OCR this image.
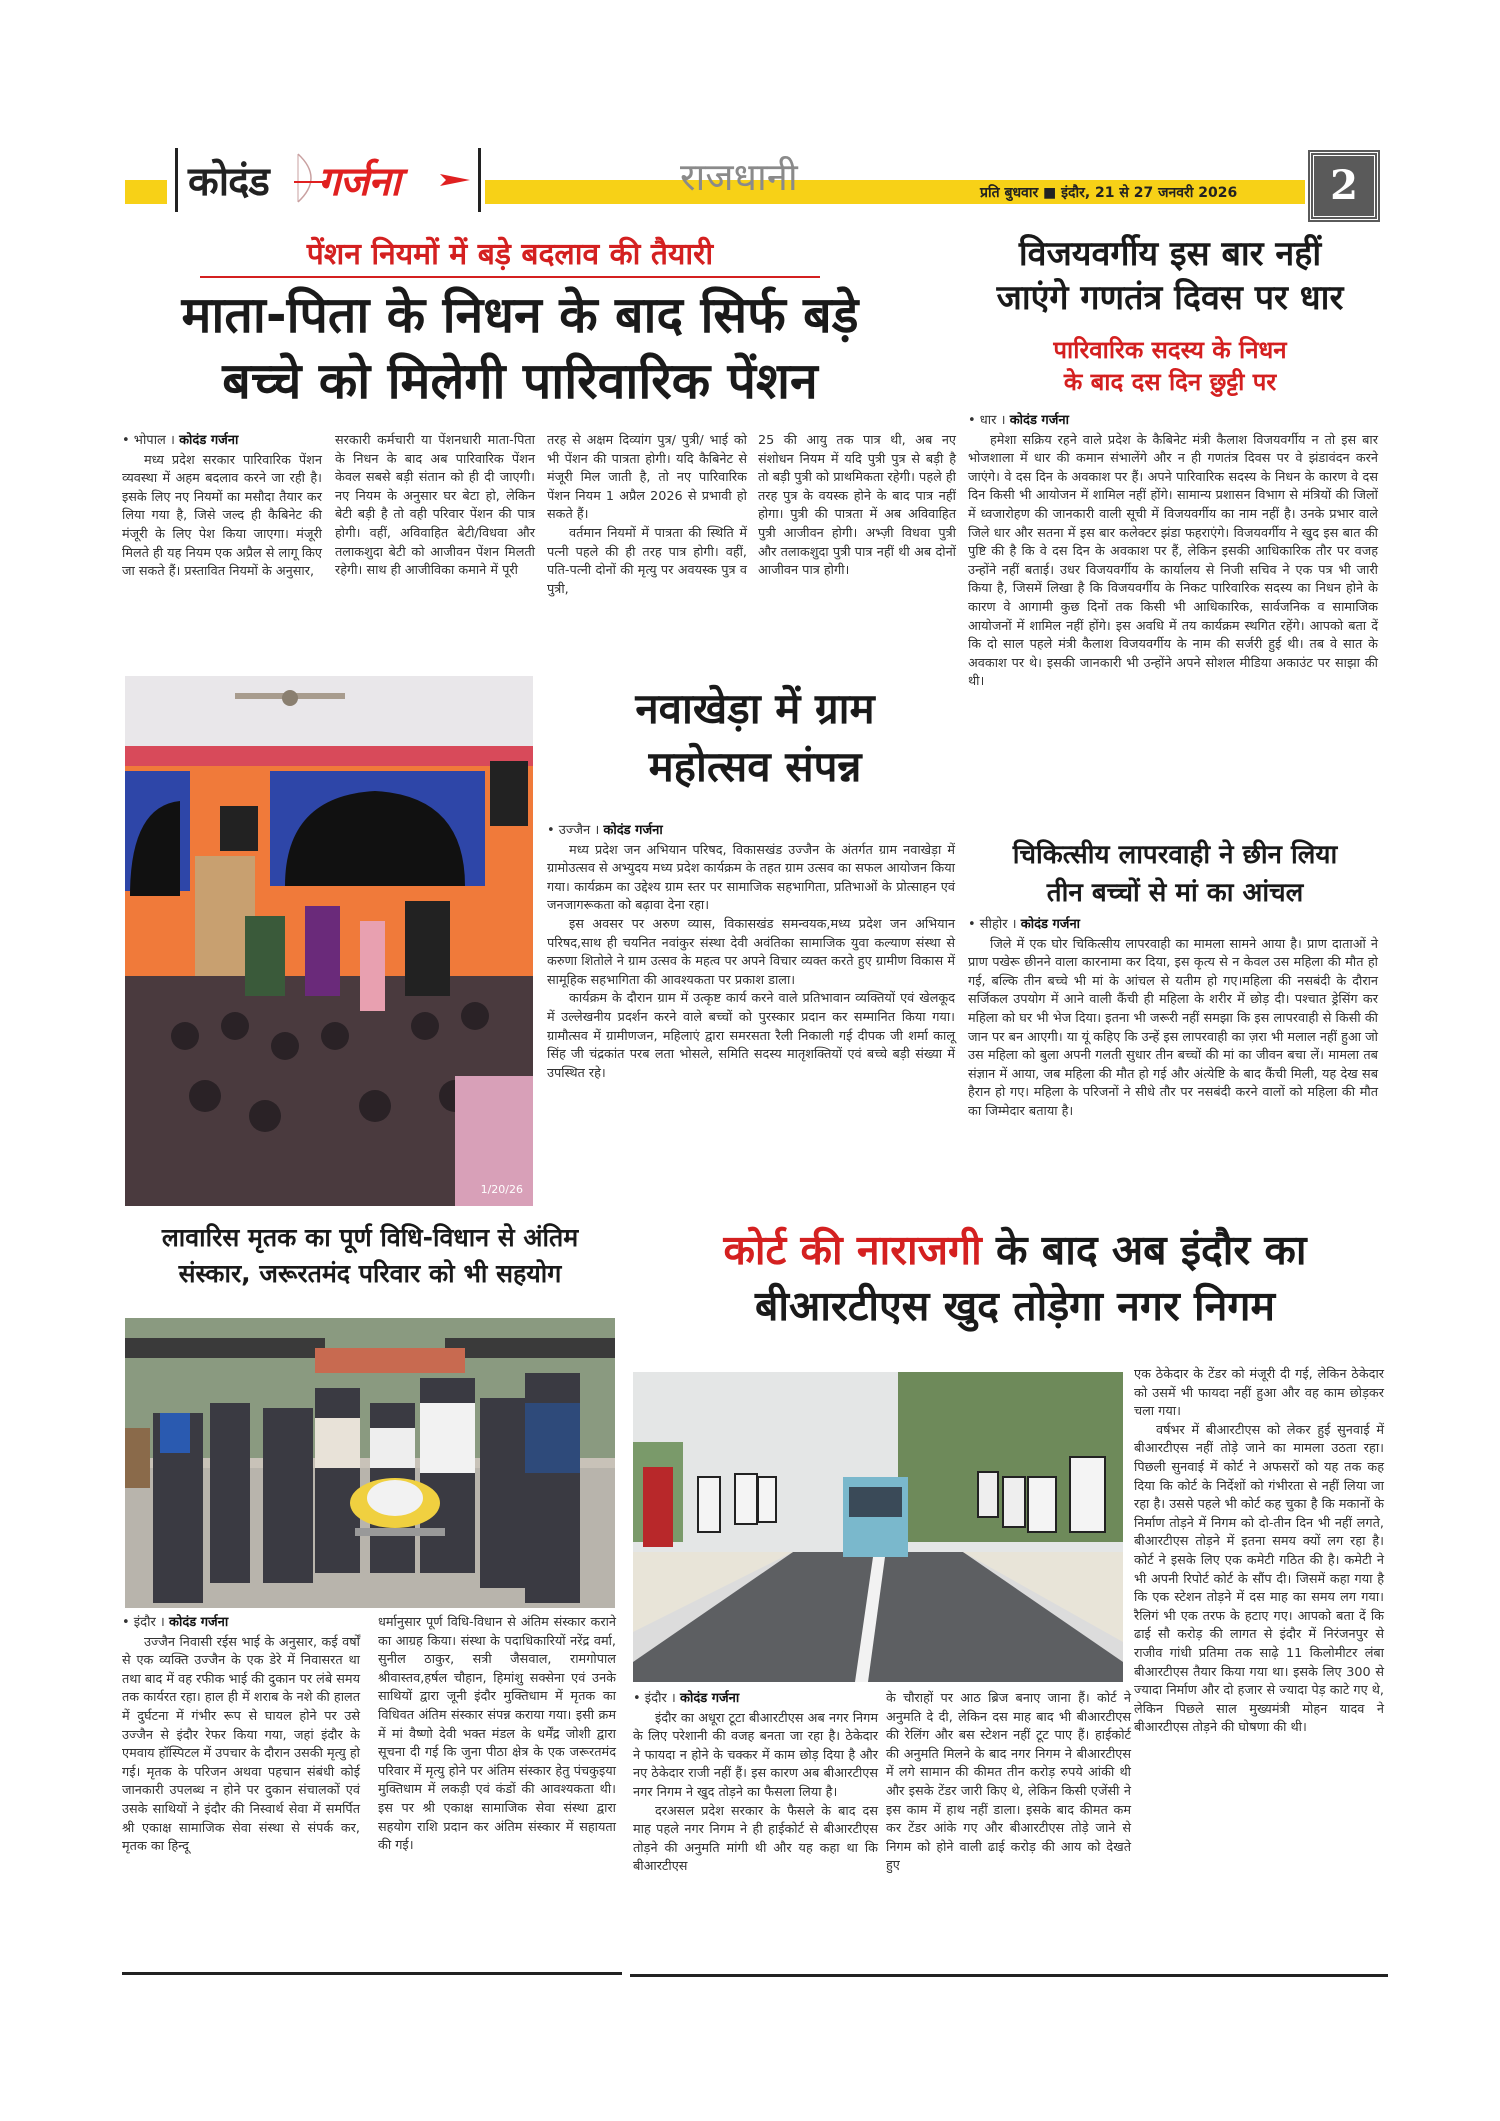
कोदंड गर्जना	राजधानी	प्रति बुधवार ■ इंदौर, 21 से 27 जनवरी 2026	2
पेंशन नियमों में बड़े बदलाव की तैयारी
माता-पिता के निधन के बाद सिर्फ बड़े
बच्चे को मिलेगी पारिवारिक पेंशन
• भोपाल । कोदंड गर्जना

मध्य प्रदेश सरकार पारिवारिक पेंशन व्यवस्था में अहम बदलाव करने जा रही है। इसके लिए नए नियमों का मसौदा तैयार कर लिया गया है, जिसे जल्द ही कैबिनेट की मंजूरी के लिए पेश किया जाएगा। मंजूरी मिलते ही यह नियम एक अप्रैल से लागू किए जा सकते हैं। प्रस्तावित नियमों के अनुसार,

सरकारी कर्मचारी या पेंशनधारी माता-पिता के निधन के बाद अब पारिवारिक पेंशन केवल सबसे बड़ी संतान को ही दी जाएगी। नए नियम के अनुसार घर बेटा हो, लेकिन बेटी बड़ी है तो वही परिवार पेंशन की पात्र होगी। वहीं, अविवाहित बेटी/विधवा और तलाकशुदा बेटी को आजीवन पेंशन मिलती रहेगी। साथ ही आजीविका कमाने में पूरी

तरह से अक्षम दिव्यांग पुत्र/ पुत्री/ भाई को भी पेंशन की पात्रता होगी। यदि कैबिनेट से मंजूरी मिल जाती है, तो नए पारिवारिक पेंशन नियम 1 अप्रैल 2026 से प्रभावी हो सकते हैं।

वर्तमान नियमों में पात्रता की स्थिति में पत्नी पहले की ही तरह पात्र होगी। वहीं, पति-पत्नी दोनों की मृत्यु पर अवयस्क पुत्र व पुत्री,

25 की आयु तक पात्र थी, अब नए संशोधन नियम में यदि पुत्री पुत्र से बड़ी है तो बड़ी पुत्री को प्राथमिकता रहेगी। पहले ही तरह पुत्र के वयस्क होने के बाद पात्र नहीं होगा। पुत्री की पात्रता में अब अविवाहित पुत्री आजीवन होगी। अभ्ज़ी विधवा पुत्री और तलाकशुदा पुत्री पात्र नहीं थी अब दोनों आजीवन पात्र होगी।

विजयवर्गीय इस बार नहीं
जाएंगे गणतंत्र दिवस पर धार
पारिवारिक सदस्य के निधन
के बाद दस दिन छुट्टी पर
• धार । कोदंड गर्जना

हमेशा सक्रिय रहने वाले प्रदेश के कैबिनेट मंत्री कैलाश विजयवर्गीय न तो इस बार भोजशाला में धार की कमान संभालेंगे और न ही गणतंत्र दिवस पर वे झंडावंदन करने जाएंगे। वे दस दिन के अवकाश पर हैं। अपने पारिवारिक सदस्य के निधन के कारण वे दस दिन किसी भी आयोजन में शामिल नहीं होंगे। सामान्य प्रशासन विभाग से मंत्रियों की जिलों में ध्वजारोहण की जानकारी वाली सूची में विजयवर्गीय का नाम नहीं है। उनके प्रभार वाले जिले धार और सतना में इस बार कलेक्टर झंडा फहराएंगे। विजयवर्गीय ने खुद इस बात की पुष्टि की है कि वे दस दिन के अवकाश पर हैं, लेकिन इसकी आधिकारिक तौर पर वजह उन्होंने नहीं बताई। उधर विजयवर्गीय के कार्यालय से निजी सचिव ने एक पत्र भी जारी किया है, जिसमें लिखा है कि विजयवर्गीय के निकट पारिवारिक सदस्य का निधन होने के कारण वे आगामी कुछ दिनों तक किसी भी आधिकारिक, सार्वजनिक व सामाजिक आयोजनों में शामिल नहीं होंगे। इस अवधि में तय कार्यक्रम स्थगित रहेंगे। आपको बता दें कि दो साल पहले मंत्री कैलाश विजयवर्गीय के नाम की सर्जरी हुई थी। तब वे सात के अवकाश पर थे। इसकी जानकारी भी उन्होंने अपने सोशल मीडिया अकाउंट पर साझा की थी।

चिकित्सीय लापरवाही ने छीन लिया
तीन बच्चों से मां का आंचल
• सीहोर । कोदंड गर्जना

जिले में एक घोर चिकित्सीय लापरवाही का मामला सामने आया है। प्राण दाताओं ने प्राण पखेरू छीनने वाला कारनामा कर दिया, इस कृत्य से न केवल उस महिला की मौत हो गई, बल्कि तीन बच्चे भी मां के आंचल से यतीम हो गए।महिला की नसबंदी के दौरान सर्जिकल उपयोग में आने वाली कैंची ही महिला के शरीर में छोड़ दी। पश्चात ड्रेसिंग कर महिला को घर भी भेज दिया। इतना भी जरूरी नहीं समझा कि इस लापरवाही से किसी की जान पर बन आएगी। या यूं कहिए कि उन्हें इस लापरवाही का ज़रा भी मलाल नहीं हुआ जो उस महिला को बुला अपनी गलती सुधार तीन बच्चों की मां का जीवन बचा लें। मामला तब संज्ञान में आया, जब महिला की मौत हो गई और अंत्येष्टि के बाद कैंची मिली, यह देख सब हैरान हो गए। महिला के परिजनों ने सीधे तौर पर नसबंदी करने वालों को महिला की मौत का जिम्मेदार बताया है।

1/20/26
नवाखेड़ा में ग्राम
महोत्सव संपन्न
• उज्जैन । कोदंड गर्जना

मध्य प्रदेश जन अभियान परिषद, विकासखंड उज्जैन के अंतर्गत ग्राम नवाखेड़ा में ग्रामोउत्सव से अभ्युदय मध्य प्रदेश कार्यक्रम के तहत ग्राम उत्सव का सफल आयोजन किया गया। कार्यक्रम का उद्देश्य ग्राम स्तर पर सामाजिक सहभागिता, प्रतिभाओं के प्रोत्साहन एवं जनजागरूकता को बढ़ावा देना रहा।

इस अवसर पर अरुण व्यास, विकासखंड समन्वयक,मध्य प्रदेश जन अभियान परिषद,साथ ही चयनित नवांकुर संस्था देवी अवंतिका सामाजिक युवा कल्याण संस्था से करुणा शितोले ने ग्राम उत्सव के महत्व पर अपने विचार व्यक्त करते हुए ग्रामीण विकास में सामूहिक सहभागिता की आवश्यकता पर प्रकाश डाला।

कार्यक्रम के दौरान ग्राम में उत्कृष्ट कार्य करने वाले प्रतिभावान व्यक्तियों एवं खेलकूद में उल्लेखनीय प्रदर्शन करने वाले बच्चों को पुरस्कार प्रदान कर सम्मानित किया गया। ग्रामौत्सव में ग्रामीणजन, महिलाएं द्वारा समरसता रैली निकाली गई दीपक जी शर्मा कालू सिंह जी चंद्रकांत परब लता भोसले, समिति सदस्य मातृशक्तियों एवं बच्चे बड़ी संख्या में उपस्थित रहे।

लावारिस मृतक का पूर्ण विधि-विधान से अंतिम
संस्कार, जरूरतमंद परिवार को भी सहयोग
• इंदौर । कोदंड गर्जना

उज्जैन निवासी रईस भाई के अनुसार, कई वर्षों से एक व्यक्ति उज्जैन के एक डेरे में निवासरत था तथा बाद में वह रफीक भाई की दुकान पर लंबे समय तक कार्यरत रहा। हाल ही में शराब के नशे की हालत में दुर्घटना में गंभीर रूप से घायल होने पर उसे उज्जैन से इंदौर रेफर किया गया, जहां इंदौर के एमवाय हॉस्पिटल में उपचार के दौरान उसकी मृत्यु हो गई। मृतक के परिजन अथवा पहचान संबंधी कोई जानकारी उपलब्ध न होने पर दुकान संचालकों एवं उसके साथियों ने इंदौर की निस्वार्थ सेवा में समर्पित श्री एकाक्ष सामाजिक सेवा संस्था से संपर्क कर, मृतक का हिन्दू

धर्मानुसार पूर्ण विधि-विधान से अंतिम संस्कार कराने का आग्रह किया। संस्था के पदाधिकारियों नरेंद्र वर्मा, सुनील ठाकुर, सत्री जैसवाल, रामगोपाल श्रीवास्तव,हर्षल चौहान, हिमांशु सक्सेना एवं उनके साथियों द्वारा जूनी इंदौर मुक्तिधाम में मृतक का विधिवत अंतिम संस्कार संपन्न कराया गया। इसी क्रम में मां वैष्णो देवी भक्त मंडल के धर्मेंद्र जोशी द्वारा सूचना दी गई कि जुना पीठा क्षेत्र के एक जरूरतमंद परिवार में मृत्यु होने पर अंतिम संस्कार हेतु पंचकुइया मुक्तिधाम में लकड़ी एवं कंडों की आवश्यकता थी। इस पर श्री एकाक्ष सामाजिक सेवा संस्था द्वारा सहयोग राशि प्रदान कर अंतिम संस्कार में सहायता की गई।

कोर्ट की नाराजगी के बाद अब इंदौर का
बीआरटीएस खुद तोड़ेगा नगर निगम
• इंदौर । कोदंड गर्जना

इंदौर का अधूरा टूटा बीआरटीएस अब नगर निगम के लिए परेशानी की वजह बनता जा रहा है। ठेकेदार ने फायदा न होने के चक्कर में काम छोड़ दिया है और नए ठेकेदार राजी नहीं हैं। इस कारण अब बीआरटीएस नगर निगम ने खुद तोड़ने का फैसला लिया है।

दरअसल प्रदेश सरकार के फैसले के बाद दस माह पहले नगर निगम ने ही हाईकोर्ट से बीआरटीएस तोड़ने की अनुमति मांगी थी और यह कहा था कि बीआरटीएस

के चौराहों पर आठ ब्रिज बनाए जाना हैं। कोर्ट ने अनुमति दे दी, लेकिन दस माह बाद भी बीआरटीएस की रेलिंग और बस स्टेशन नहीं टूट पाए हैं। हाईकोर्ट की अनुमति मिलने के बाद नगर निगम ने बीआरटीएस में लगे सामान की कीमत तीन करोड़ रुपये आंकी थी और इसके टेंडर जारी किए थे, लेकिन किसी एजेंसी ने इस काम में हाथ नहीं डाला। इसके बाद कीमत कम कर टेंडर आंके गए और बीआरटीएस तोड़े जाने से निगम को होने वाली ढाई करोड़ की आय को देखते हुए

एक ठेकेदार के टेंडर को मंजूरी दी गई, लेकिन ठेकेदार को उसमें भी फायदा नहीं हुआ और वह काम छोड़कर चला गया।

वर्षभर में बीआरटीएस को लेकर हुई सुनवाई में बीआरटीएस नहीं तोड़े जाने का मामला उठता रहा। पिछली सुनवाई में कोर्ट ने अफसरों को यह तक कह दिया कि कोर्ट के निर्देशों को गंभीरता से नहीं लिया जा रहा है। उससे पहले भी कोर्ट कह चुका है कि मकानों के निर्माण तोड़ने में निगम को दो-तीन दिन भी नहीं लगते, बीआरटीएस तोड़ने में इतना समय क्यों लग रहा है। कोर्ट ने इसके लिए एक कमेटी गठित की है। कमेटी ने भी अपनी रिपोर्ट कोर्ट के सौंप दी। जिसमें कहा गया है कि एक स्टेशन तोड़ने में दस माह का समय लग गया। रैलिगं भी एक तरफ के हटाए गए। आपको बता दें कि ढाई सौ करोड़ की लागत से इंदौर में निरंजनपुर से राजीव गांधी प्रतिमा तक साढ़े 11 किलोमीटर लंबा बीआरटीएस तैयार किया गया था। इसके लिए 300 से ज्यादा निर्माण और दो हजार से ज्यादा पेड़ काटे गए थे, लेकिन पिछले साल मुख्यमंत्री मोहन यादव ने बीआरटीएस तोड़ने की घोषणा की थी।
